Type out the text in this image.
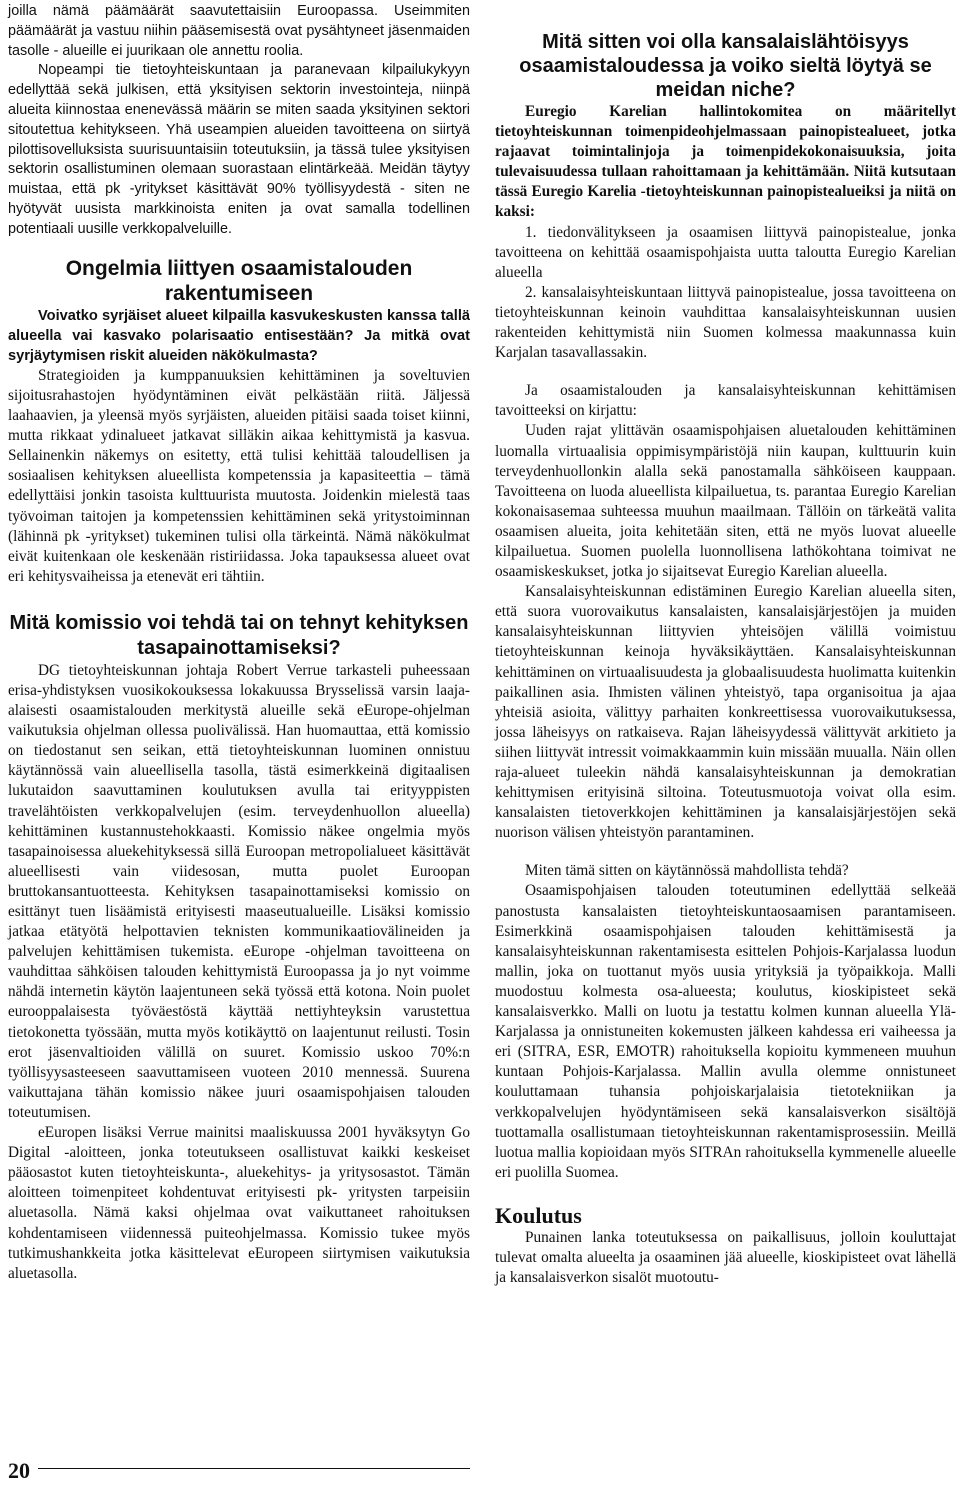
joilla nämä päämäärät saavutettaisiin Euroopassa. Useimmiten päämäärät ja vastuu niihin pääsemisestä ovat pysähtyneet jäsenmaiden tasolle - alueille ei juurikaan ole annettu roolia.

Nopeampi tie tietoyhteiskuntaan ja paranevaan kilpailukykyyn edellyttää sekä julkisen, että yksityisen sektorin investointeja, niinpä alueita kiinnostaa enenevässä määrin se miten saada yksityinen sektori sitoutettua kehitykseen. Yhä useampien alueiden tavoitteena on siirtyä pilottisovelluksista suurisuuntaisiin toteutuksiin, ja tässä tulee yksityisen sektorin osallistuminen olemaan suorastaan elintärkeää. Meidän täytyy muistaa, että pk -yritykset käsittävät 90% työllisyydestä - siten ne hyötyvät uusista markkinoista eniten ja ovat samalla todellinen potentiaali uusille verkkopalveluille.

Ongelmia liittyen osaamistalouden rakentumiseen

Voivatko syrjäiset alueet kilpailla kasvukeskusten kanssa tallä alueella vai kasvako polarisaatio entisestään? Ja mitkä ovat syrjäytymisen riskit alueiden näkökulmasta?

Strategioiden ja kumppanuuksien kehittäminen ja soveltuvien sijoitusrahastojen hyödyntäminen eivät pelkästään riitä. Jäljessä laahaavien, ja yleensä myös syrjäisten, alueiden pitäisi saada toiset kiinni, mutta rikkaat ydinalueet jatkavat silläkin aikaa kehittymistä ja kasvua. Sellainenkin näkemys on esitetty, että tulisi kehittää taloudellisen ja sosiaalisen kehityksen alueellista kompetenssia ja kapasiteettia – tämä edellyttäisi jonkin tasoista kulttuurista muutosta. Joidenkin mielestä taas työvoiman taitojen ja kompetenssien kehittäminen sekä yritystoiminnan (lähinnä pk -yritykset) tukeminen tulisi olla tärkeintä. Nämä näkökulmat eivät kuitenkaan ole keskenään ristiriidassa. Joka tapauksessa alueet ovat eri kehitysvaiheissa ja etenevät eri tähtiin.

Mitä komissio voi tehdä tai on tehnyt kehityksen tasapainottamiseksi?

DG tietoyhteiskunnan johtaja Robert Verrue tarkasteli puheessaan erisa-yhdistyksen vuosikokouksessa lokakuussa Brysselissä varsin laaja-alaisesti osaamistalouden merkitystä alueille sekä eEurope-ohjelman vaikutuksia ohjelman ollessa puolivälissä. Han huomauttaa, että komissio on tiedostanut sen seikan, että tietoyhteiskunnan luominen onnistuu käytännössä vain alueellisella tasolla, tästä esimerkkeinä digitaalisen lukutaidon saavuttaminen koulutuksen avulla tai erityyppisten travelähtöisten verkkopalvelujen (esim. terveydenhuollon alueella) kehittäminen kustannustehokkaasti. Komissio näkee ongelmia myös tasapainoisessa aluekehityksessä sillä Euroopan metropolialueet käsittävät alueellisesti vain viidesosan, mutta puolet Euroopan bruttokansantuotteesta. Kehityksen tasapainottamiseksi komissio on esittänyt tuen lisäämistä erityisesti maaseutualueille. Lisäksi komissio jatkaa etätyötä helpottavien teknisten kommunikaatiovälineiden ja palvelujen kehittämisen tukemista. eEurope -ohjelman tavoitteena on vauhdittaa sähköisen talouden kehittymistä Euroopassa ja jo nyt voimme nähdä internetin käytön laajentuneen sekä työssä että kotona. Noin puolet eurooppalaisesta työväestöstä käyttää nettiyhteyksin varustettua tietokonetta työssään, mutta myös kotikäyttö on laajentunut reilusti. Tosin erot jäsenvaltioiden välillä on suuret. Komissio uskoo 70%:n työllisyysasteeseen saavuttamiseen vuoteen 2010 mennessä. Suurena vaikuttajana tähän komissio näkee juuri osaamispohjaisen talouden toteutumisen.

eEuropen lisäksi Verrue mainitsi maaliskuussa 2001 hyväksytyn Go Digital -aloitteen, jonka toteutukseen osallistuvat kaikki keskeiset pääosastot kuten tietoyhteiskunta-, aluekehitys- ja yritysosastot. Tämän aloitteen toimenpiteet kohdentuvat erityisesti pk- yritysten tarpeisiin aluetasolla. Nämä kaksi ohjelmaa ovat vaikuttaneet rahoituksen kohdentamiseen viidennessä puiteohjelmassa. Komissio tukee myös tutkimushankkeita jotka käsittelevat eEuropeen siirtymisen vaikutuksia aluetasolla.

Mitä sitten voi olla kansalaislähtöisyys osaamistaloudessa ja voiko sieltä löytyä se meidan niche?

Euregio Karelian hallintokomitea on määritellyt tietoyhteiskunnan toimenpideohjelmassaan painopistealueet, jotka rajaavat toimintalinjoja ja toimenpidekokonaisuuksia, joita tulevaisuudessa tullaan rahoittamaan ja kehittämään. Niitä kutsutaan tässä Euregio Karelia -tietoyhteiskunnan painopistealueiksi ja niitä on kaksi:

1. tiedonvälitykseen ja osaamisen liittyvä painopistealue, jonka tavoitteena on kehittää osaamispohjaista uutta taloutta Euregio Karelian alueella

2. kansalaisyhteiskuntaan liittyvä painopistealue, jossa tavoitteena on tietoyhteiskunnan keinoin vauhdittaa kansalaisyhteiskunnan uusien rakenteiden kehittymistä niin Suomen kolmessa maakunnassa kuin Karjalan tasavallassakin.

Ja osaamistalouden ja kansalaisyhteiskunnan kehittämisen tavoitteeksi on kirjattu:

Uuden rajat ylittävän osaamispohjaisen aluetalouden kehittäminen luomalla virtuaalisia oppimisympäristöjä niin kaupan, kulttuurin kuin terveydenhuollonkin alalla sekä panostamalla sähköiseen kauppaan. Tavoitteena on luoda alueellista kilpailuetua, ts. parantaa Euregio Karelian kokonaisasemaa suhteessa muuhun maailmaan. Tällöin on tärkeätä valita osaamisen alueita, joita kehitetään siten, että ne myös luovat alueelle kilpailuetua. Suomen puolella luonnollisena lathökohtana toimivat ne osaamiskeskukset, jotka jo sijaitsevat Euregio Karelian alueella.

Kansalaisyhteiskunnan edistäminen Euregio Karelian alueella siten, että suora vuorovaikutus kansalaisten, kansalaisjärjestöjen ja muiden kansalaisyhteiskunnan liittyvien yhteisöjen välillä voimistuu tietoyhteiskunnan keinoja hyväksikäyttäen. Kansalaisyhteiskunnan kehittäminen on virtuaalisuudesta ja globaalisuudesta huolimatta kuitenkin paikallinen asia. Ihmisten välinen yhteistyö, tapa organisoitua ja ajaa yhteisiä asioita, välittyy parhaiten konkreettisessa vuorovaikutuksessa, jossa läheisyys on ratkaiseva. Rajan läheisyydessä välittyvät arkitieto ja siihen liittyvät intressit voimakkaammin kuin missään muualla. Näin ollen raja-alueet tuleekin nähdä kansalaisyhteiskunnan ja demokratian kehittymisen erityisinä siltoina. Toteutusmuotoja voivat olla esim. kansalaisten tietoverkkojen kehittäminen ja kansalaisjärjestöjen sekä nuorison välisen yhteistyön parantaminen.

Miten tämä sitten on käytännössä mahdollista tehdä?

Osaamispohjaisen talouden toteutuminen edellyttää selkeää panostusta kansalaisten tietoyhteiskuntaosaamisen parantamiseen. Esimerkkinä osaamispohjaisen talouden kehittämisestä ja kansalaisyhteiskunnan rakentamisesta esittelen Pohjois-Karjalassa luodun mallin, joka on tuottanut myös uusia yrityksiä ja työpaikkoja. Malli muodostuu kolmesta osa-alueesta; koulutus, kioskipisteet sekä kansalaisverkko. Malli on luotu ja testattu kolmen kunnan alueella Ylä-Karjalassa ja onnistuneiten kokemusten jälkeen kahdessa eri vaiheessa ja eri (SITRA, ESR, EMOTR) rahoituksella kopioitu kymmeneen muuhun kuntaan Pohjois-Karjalassa. Mallin avulla olemme onnistuneet kouluttamaan tuhansia pohjoiskarjalaisia tietotekniikan ja verkkopalvelujen hyödyntämiseen sekä kansalaisverkon sisältöjä tuottamalla osallistumaan tietoyhteiskunnan rakentamisprosessiin. Meillä luotua mallia kopioidaan myös SITRAn rahoituksella kymmenelle alueelle eri puolilla Suomea.

Koulutus

Punainen lanka toteutuksessa on paikallisuus, jolloin kouluttajat tulevat omalta alueelta ja osaaminen jää alueelle, kioskipisteet ovat lähellä ja kansalaisverkon sisalöt muotoutu-

20
